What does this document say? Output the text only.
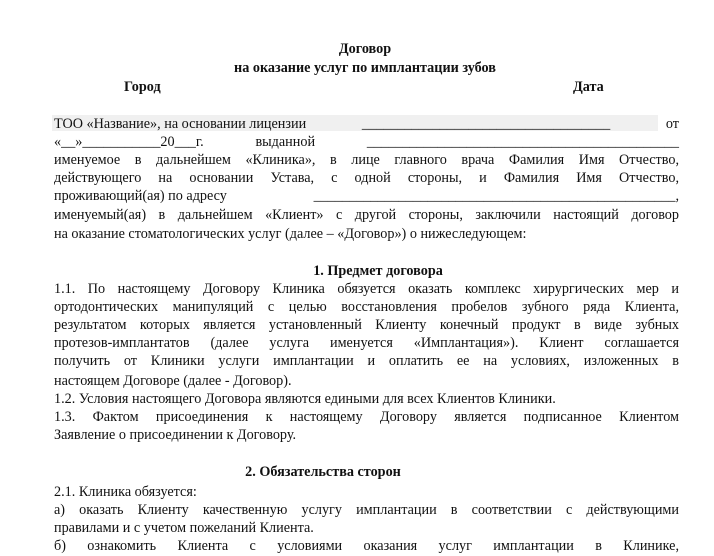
Договор
на оказание услуг по имплантации зубов
Город	Дата
ТОО «Название», на основании лицензии	___________________________________	от
«__»___________20___г.	выданной	____________________________________________
именуемое в дальнейшем «Клиника», в лице главного врача Фамилия Имя Отчество,
действующего на основании Устава, с одной стороны, и Фамилия Имя Отчество,
проживающий(ая) по адресу	___________________________________________________ ,
именуемый(ая) в дальнейшем «Клиент» с другой стороны, заключили настоящий договор
на оказание стоматологических услуг (далее – «Договор») о нижеследующем:
1. Предмет договора
1.1. По настоящему Договору Клиника обязуется оказать комплекс хирургических мер и
ортодонтических манипуляций с целью восстановления пробелов зубного ряда Клиента,
результатом которых является установленный Клиенту конечный продукт в виде зубных
протезов-имплантатов (далее услуга именуется «Имплантация»). Клиент соглашается
получить от Клиники услуги имплантации и оплатить ее на условиях, изложенных в
настоящем Договоре (далее - Договор).
1.2. Условия настоящего Договора являются едиными для всех Клиентов Клиники.
1.3. Фактом присоединения к настоящему Договору является подписанное Клиентом
Заявление о присоединении к Договору.
2. Обязательства сторон
2.1. Клиника обязуется:
а) оказать Клиенту качественную услугу имплантации в соответствии с действующими
правилами и с учетом пожеланий Клиента.
б) ознакомить Клиента с условиями оказания услуг имплантации в Клинике,
